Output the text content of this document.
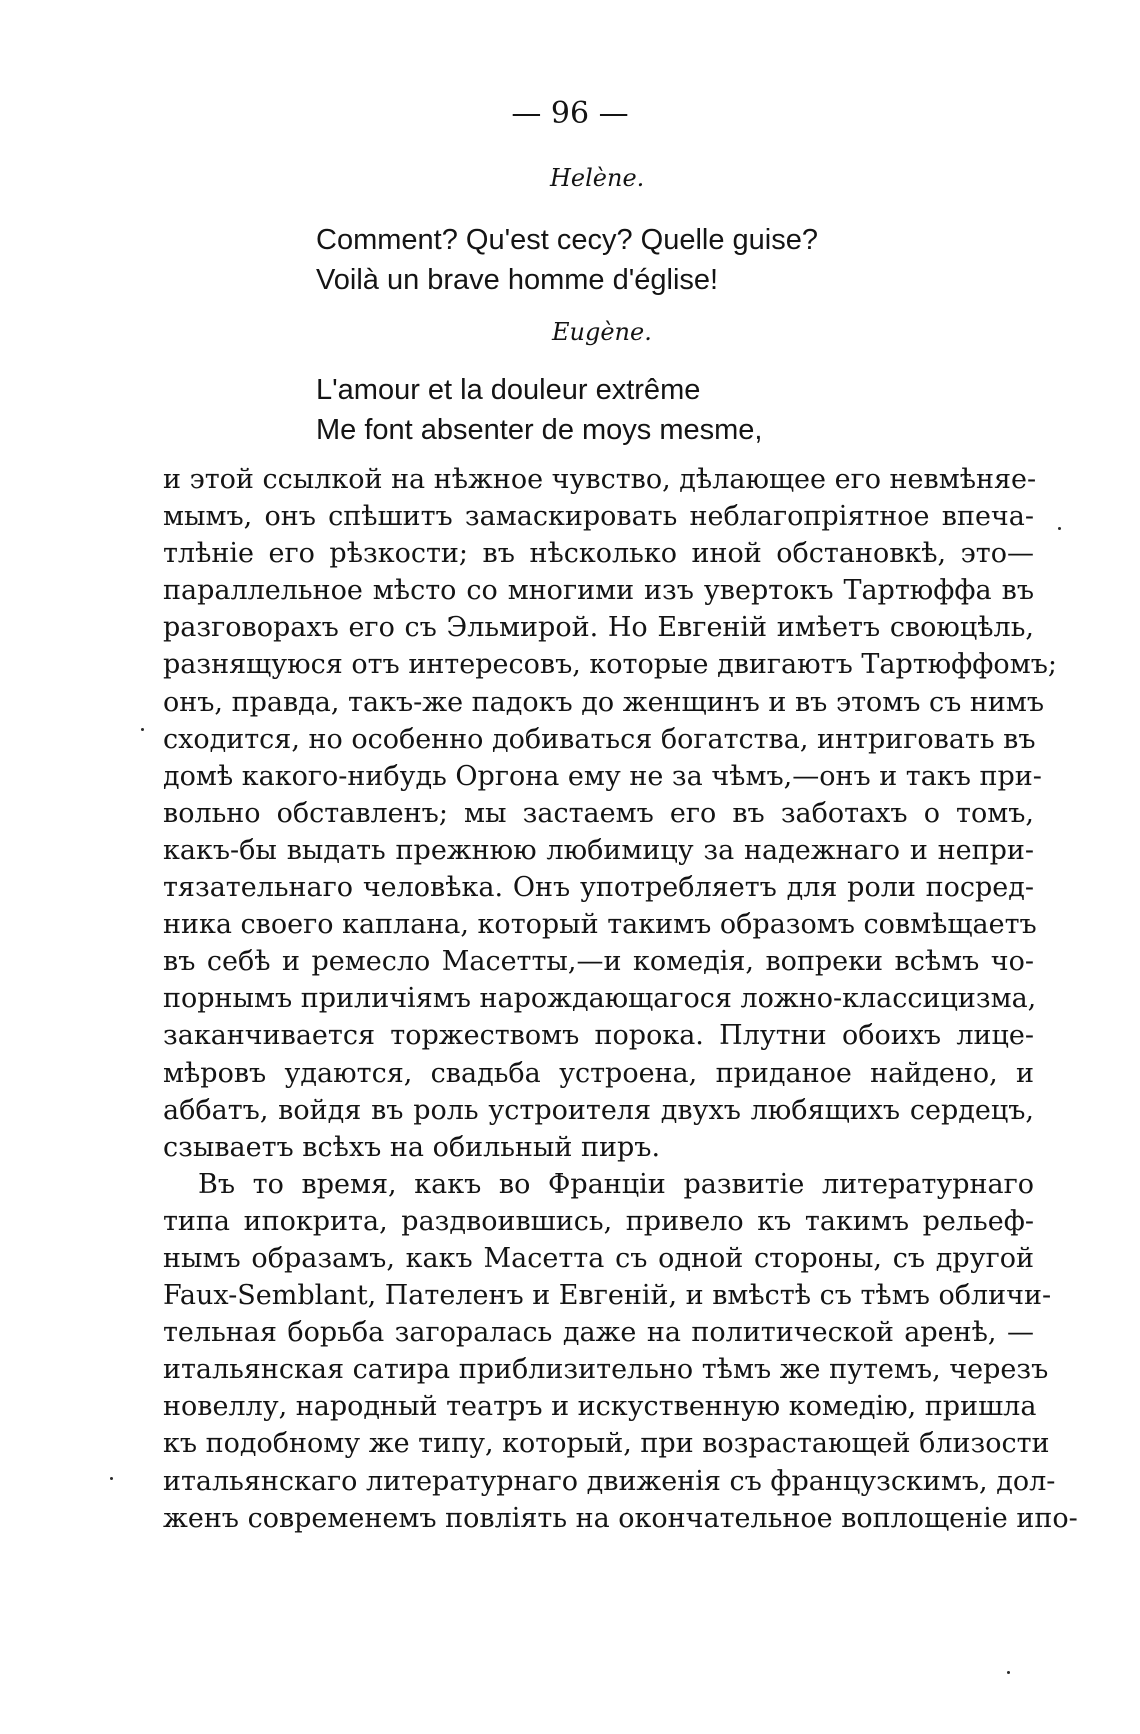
— 96 —
Helène.
Comment? Qu'est cecy? Quelle guise?
Voilà un brave homme d'église!
Eugène.
L'amour et la douleur extrême
Me font absenter de moys mesme,
и этой ссылкой на нѣжное чувство, дѣлающее его невмѣняе-
мымъ, онъ спѣшитъ замаскировать неблагопріятное впеча-
тлѣніе его рѣзкости; въ нѣсколько иной обстановкѣ, это—
параллельное мѣсто со многими изъ увертокъ Тартюффа въ
разговорахъ его съ Эльмирой. Но Евгеній имѣетъ своюцѣль,
разнящуюся отъ интересовъ, которые двигаютъ Тартюффомъ;
онъ, правда, такъ-же падокъ до женщинъ и въ этомъ съ нимъ
сходится, но особенно добиваться богатства, интриговать въ
домѣ какого-нибудь Оргона ему не за чѣмъ,—онъ и такъ при-
вольно обставленъ; мы застаемъ его въ заботахъ о томъ,
какъ-бы выдать прежнюю любимицу за надежнаго и непри-
тязательнаго человѣка. Онъ употребляетъ для роли посред-
ника своего каплана, который такимъ образомъ совмѣщаетъ
въ себѣ и ремесло Масетты,—и комедія, вопреки всѣмъ чо-
порнымъ приличіямъ нарождающагося ложно-классицизма,
заканчивается торжествомъ порока. Плутни обоихъ лице-
мѣровъ удаются, свадьба устроена, приданое найдено, и
аббатъ, войдя въ роль устроителя двухъ любящихъ сердецъ,
сзываетъ всѣхъ на обильный пиръ.
Въ то время, какъ во Франціи развитіе литературнаго
типа ипокрита, раздвоившись, привело къ такимъ рельеф-
нымъ образамъ, какъ Масетта съ одной стороны, съ другой
Faux-Semblant, Пателенъ и Евгеній, и вмѣстѣ съ тѣмъ обличи-
тельная борьба загоралась даже на политической аренѣ, —
итальянская сатира приблизительно тѣмъ же путемъ, черезъ
новеллу, народный театръ и искуственную комедію, пришла
къ подобному же типу, который, при возрастающей близости
итальянскаго литературнаго движенія съ французскимъ, дол-
женъ современемъ повліять на окончательное воплощеніе ипо-
